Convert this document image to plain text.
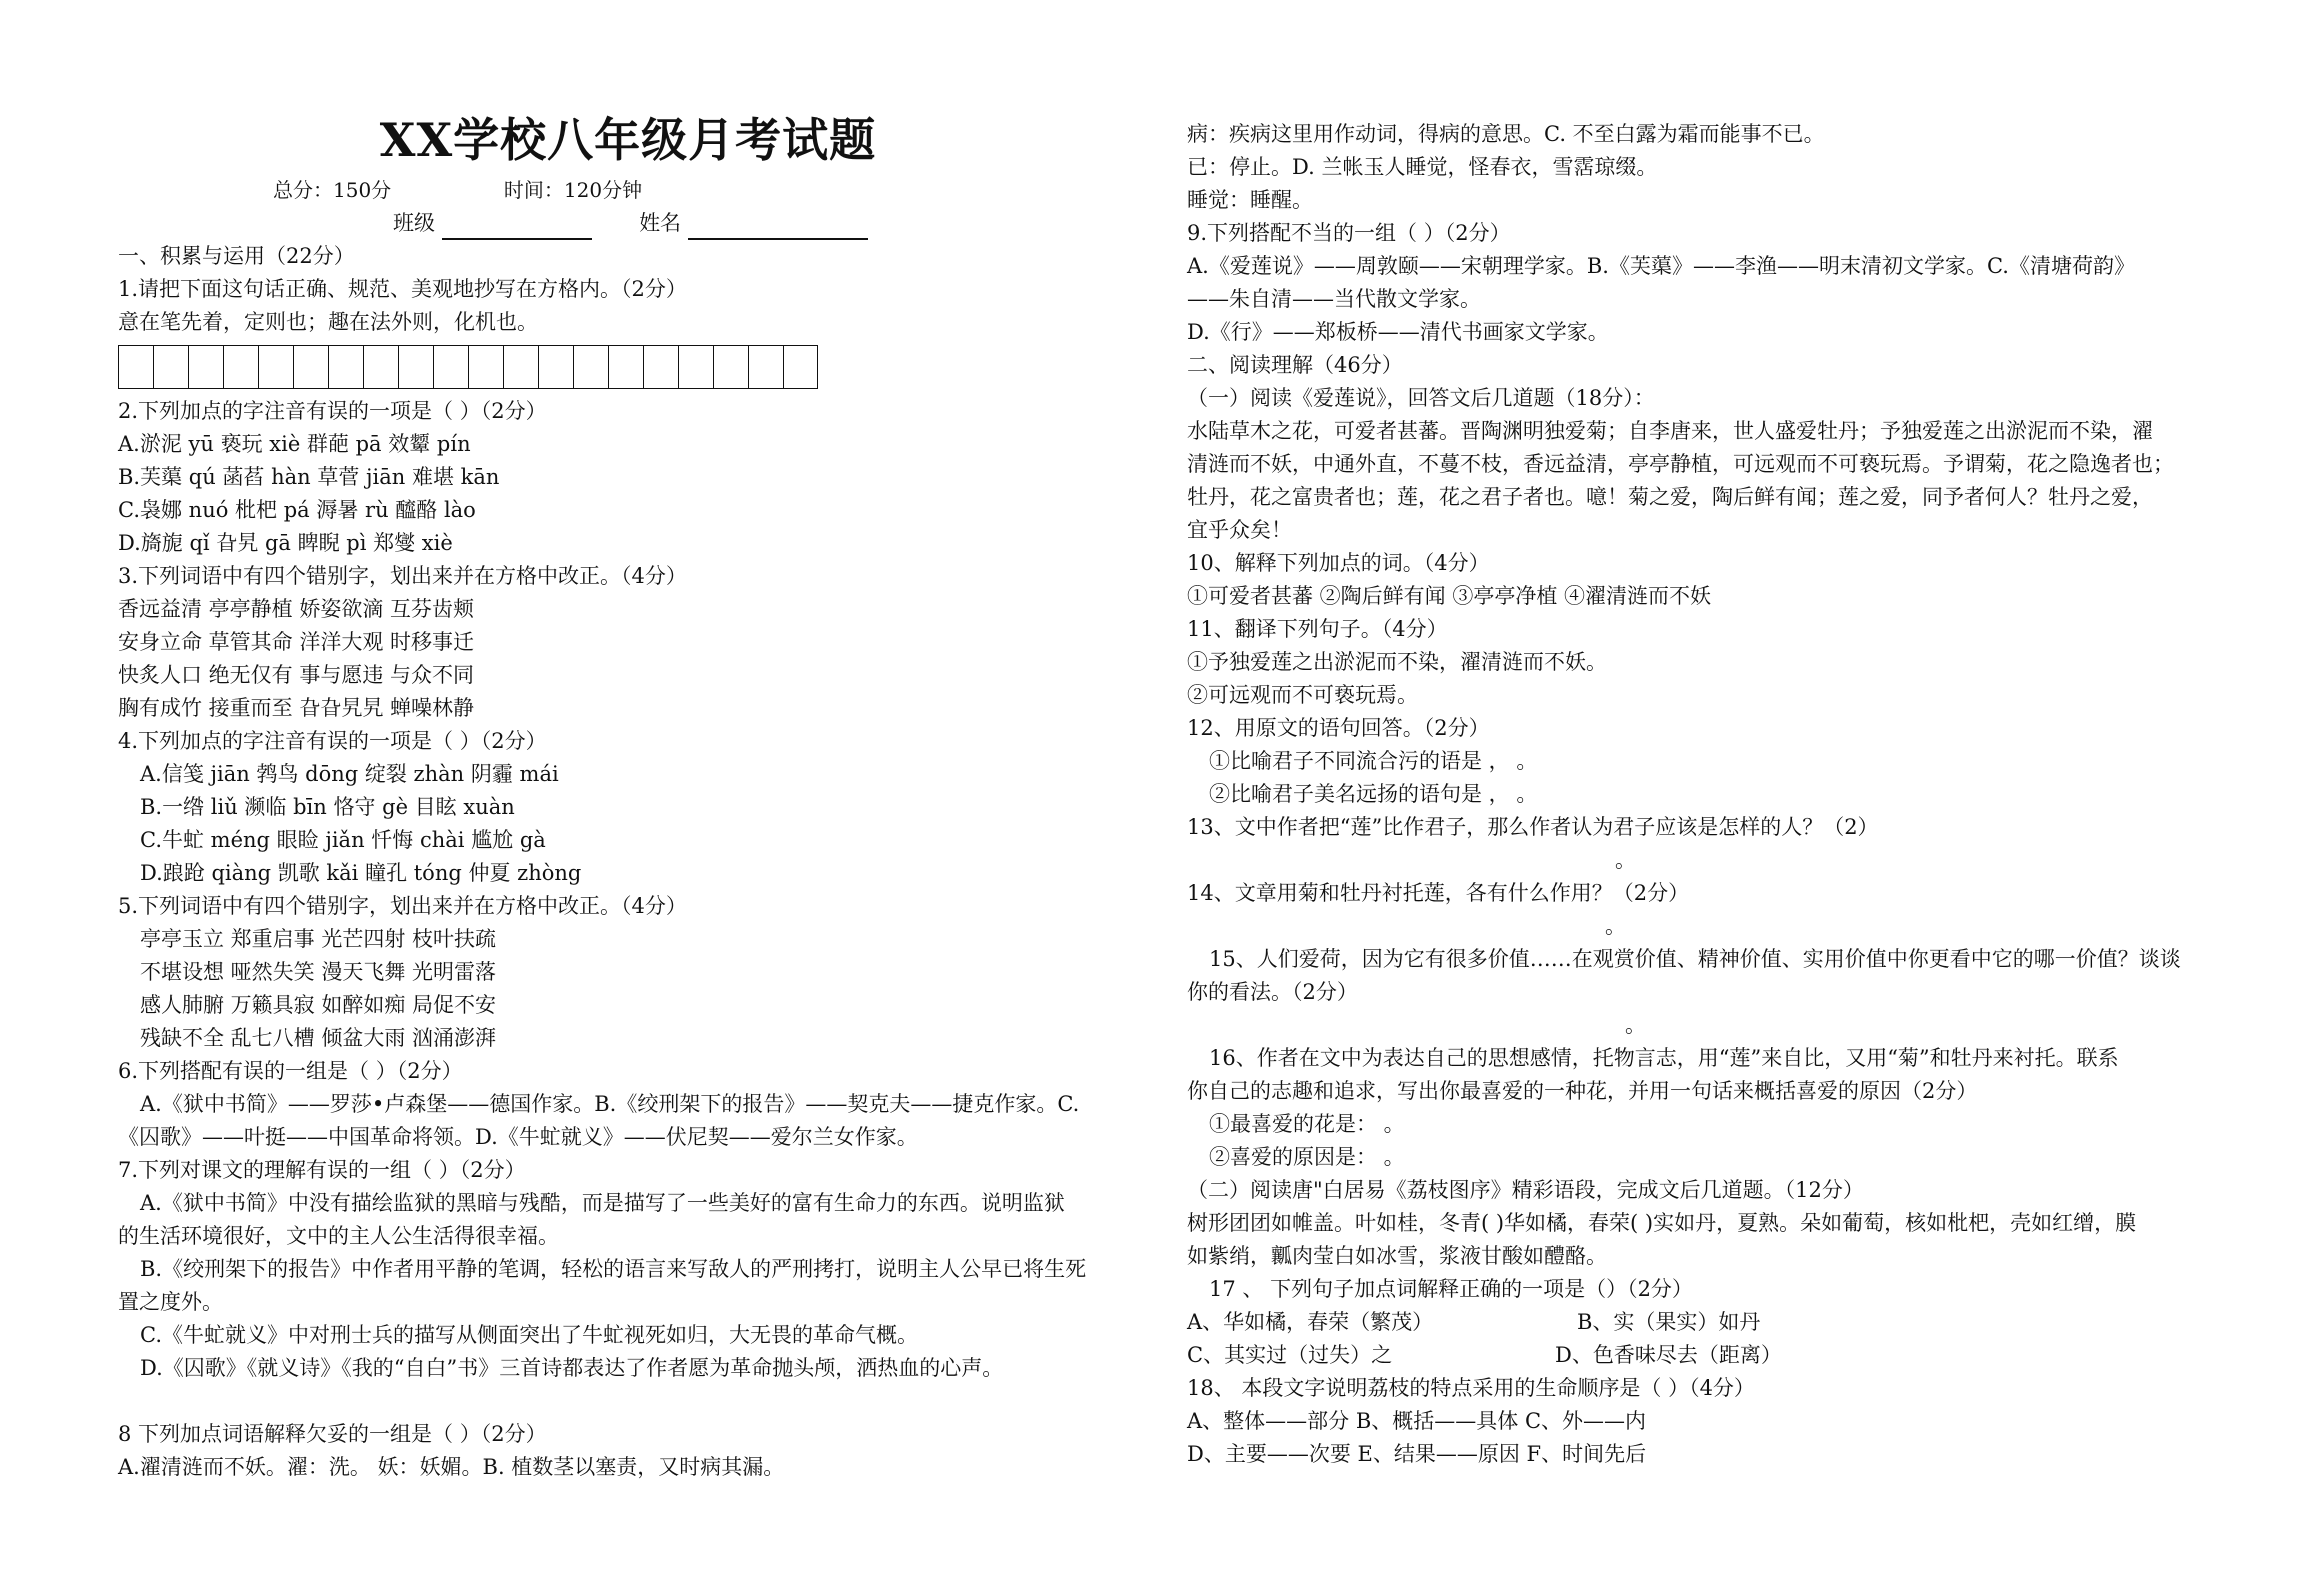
XX学校八年级月考试题
总分：150分	时间：120分钟
班级	姓名
一、积累与运用（22分）
1.请把下面这句话正确、规范、美观地抄写在方格内。（2分）
意在笔先着，定则也；趣在法外则，化机也。
2.下列加点的字注音有误的一项是（ ）（2分）
A.淤泥 yū 亵玩 xiè 群葩 pā 效颦 pín
B.芙蕖 qú 菡萏 hàn 草菅 jiān 难堪 kān
C.袅娜 nuó 枇杷 pá 溽暑 rù 醯酪 lào
D.旖旎 qǐ 旮旯 gā 睥睨 pì 郑燮 xiè
3.下列词语中有四个错别字，划出来并在方格中改正。（4分）
香远益清 亭亭静植 娇姿欲滴 互芬齿颊
安身立命 草管其命 洋洋大观 时移事迁
快炙人口 绝无仅有 事与愿违 与众不同
胸有成竹 接重而至 旮旮旯旯 蝉噪林静
4.下列加点的字注音有误的一项是（ ）（2分）
A.信笺 jiān 鹁鸟 dōng 绽裂 zhàn 阴霾 mái
B.一绺 liǔ 濒临 bīn 恪守 gè 目眩 xuàn
C.牛虻 méng 眼睑 jiǎn 忏悔 chài 尴尬 gà
D.踉跄 qiàng 凯歌 kǎi 瞳孔 tóng 仲夏 zhòng
5.下列词语中有四个错别字，划出来并在方格中改正。（4分）
亭亭玉立 郑重启事 光芒四射 枝叶扶疏
不堪设想 哑然失笑 漫天飞舞 光明雷落
感人肺腑 万籁具寂 如醉如痴 局促不安
残缺不全 乱七八槽 倾盆大雨 汹涌澎湃
6.下列搭配有误的一组是（ ）（2分）
A.《狱中书简》——罗莎•卢森堡——德国作家。B.《绞刑架下的报告》——契克夫——捷克作家。C.
《囚歌》——叶挺——中国革命将领。D.《牛虻就义》——伏尼契——爱尔兰女作家。
7.下列对课文的理解有误的一组（ ）（2分）
A.《狱中书简》中没有描绘监狱的黑暗与残酷，而是描写了一些美好的富有生命力的东西。说明监狱
的生活环境很好，文中的主人公生活得很幸福。
B.《绞刑架下的报告》中作者用平静的笔调，轻松的语言来写敌人的严刑拷打，说明主人公早已将生死
置之度外。
C.《牛虻就义》中对刑士兵的描写从侧面突出了牛虻视死如归，大无畏的革命气概。
D.《囚歌》《就义诗》《我的“自白”书》三首诗都表达了作者愿为革命抛头颅，洒热血的心声。
8 下列加点词语解释欠妥的一组是（ ）（2分）
A.濯清涟而不妖。濯：洗。 妖：妖媚。B. 植数茎以塞责，又时病其漏。
病：疾病这里用作动词，得病的意思。C. 不至白露为霜而能事不已。
已：停止。D. 兰帐玉人睡觉，怪春衣，雪霑琼缀。
睡觉：睡醒。
9.下列搭配不当的一组（ ）（2分）
A.《爱莲说》——周敦颐——宋朝理学家。B.《芙蕖》——李渔——明末清初文学家。C.《清塘荷韵》
——朱自清——当代散文学家。
D.《行》——郑板桥——清代书画家文学家。
二、阅读理解（46分）
（一）阅读《爱莲说》，回答文后几道题（18分）：
水陆草木之花，可爱者甚蕃。晋陶渊明独爱菊；自李唐来，世人盛爱牡丹；予独爱莲之出淤泥而不染，濯
清涟而不妖，中通外直，不蔓不枝，香远益清，亭亭静植，可远观而不可亵玩焉。予谓菊，花之隐逸者也；
牡丹，花之富贵者也；莲，花之君子者也。噫！菊之爱，陶后鲜有闻；莲之爱，同予者何人？牡丹之爱，
宜乎众矣！
10、解释下列加点的词。（4分）
①可爱者甚蕃 ②陶后鲜有闻 ③亭亭净植 ④濯清涟而不妖
11、翻译下列句子。（4分）
①予独爱莲之出淤泥而不染，濯清涟而不妖。
②可远观而不可亵玩焉。
12、用原文的语句回答。（2分）
①比喻君子不同流合污的语是 ， 。
②比喻君子美名远扬的语句是 ， 。
13、文中作者把“莲”比作君子，那么作者认为君子应该是怎样的人？（2）
。
14、文章用菊和牡丹衬托莲，各有什么作用？（2分）
。
15、人们爱荷，因为它有很多价值……在观赏价值、精神价值、实用价值中你更看中它的哪一价值？谈谈
你的看法。（2分）
。
16、作者在文中为表达自己的思想感情，托物言志，用“莲”来自比，又用“菊”和牡丹来衬托。联系
你自己的志趣和追求，写出你最喜爱的一种花，并用一句话来概括喜爱的原因（2分）
①最喜爱的花是： 。
②喜爱的原因是： 。
（二）阅读唐"白居易《荔枝图序》精彩语段，完成文后几道题。（12分）
树形团团如帷盖。叶如桂，冬青( )华如橘，春荣( )实如丹，夏熟。朵如葡萄，核如枇杷，壳如红缯，膜
如紫绡，瓤肉莹白如冰雪，浆液甘酸如醴酪。
17 、 下列句子加点词解释正确的一项是（）（2分）
A、华如橘，春荣（繁茂）	B、实（果实）如丹
C、其实过（过失）之	D、色香味尽去（距离）
18、 本段文字说明荔枝的特点采用的生命顺序是（ ）（4分）
A、整体——部分 B、概括——具体 C、外——内
D、主要——次要 E、结果——原因 F、时间先后
